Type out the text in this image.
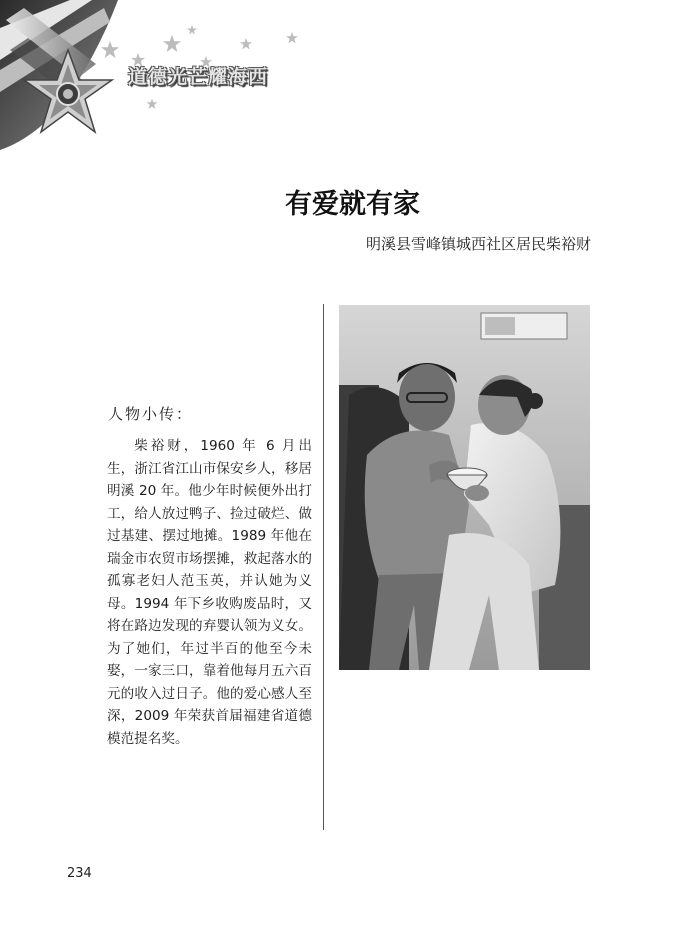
道德光芒耀海西
有爱就有家
明溪县雪峰镇城西社区居民柴裕财
人物小传：
柴裕财，1960 年 6 月出生，浙江省江山市保安乡人，移居明溪 20 年。他少年时候便外出打工，给人放过鸭子、捡过破烂、做过基建、摆过地摊。1989 年他在瑞金市农贸市场摆摊，救起落水的孤寡老妇人范玉英，并认她为义母。1994 年下乡收购废品时，又将在路边发现的弃婴认领为义女。为了她们，年过半百的他至今未娶，一家三口，靠着他每月五六百元的收入过日子。他的爱心感人至深，2009 年荣获首届福建省道德模范提名奖。
234
